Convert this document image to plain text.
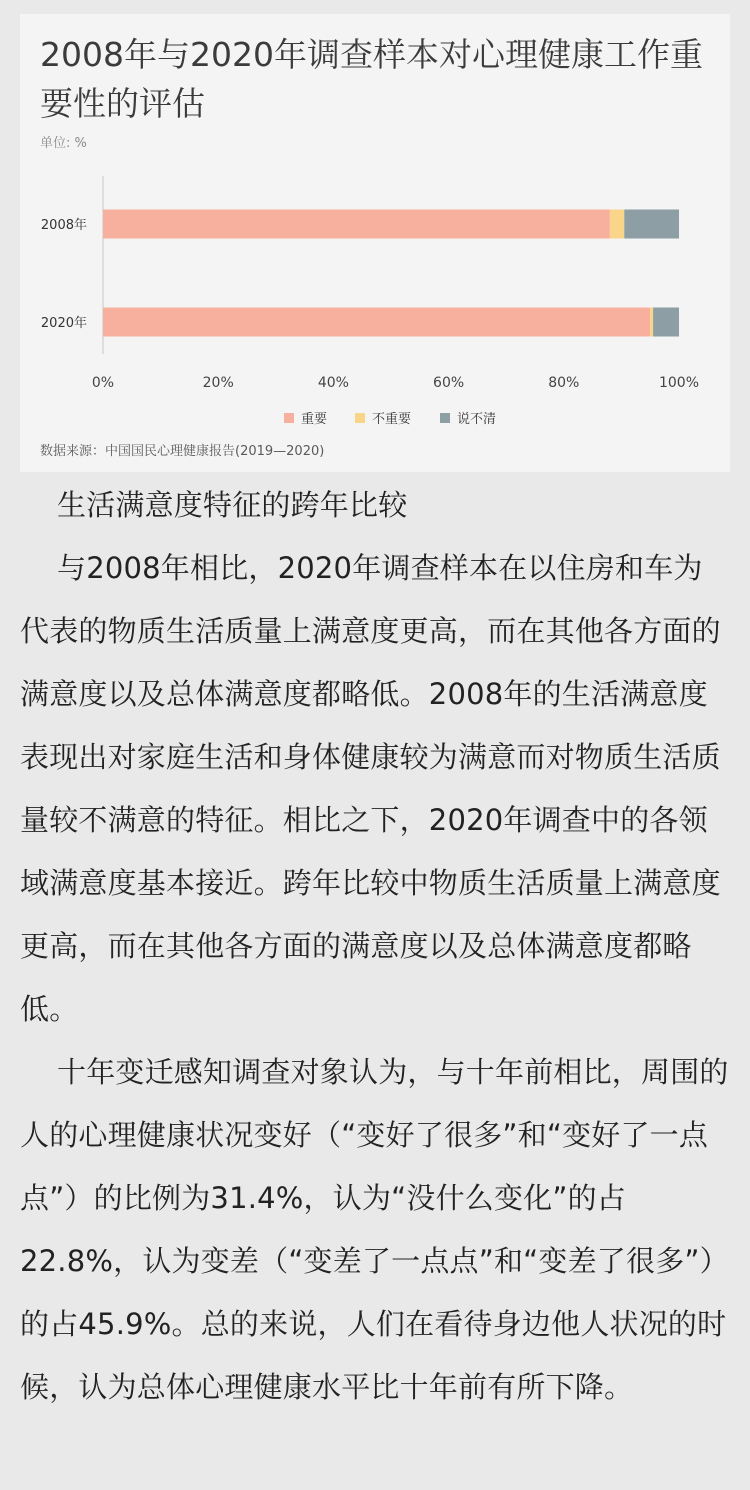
2008年与2020年调查样本对心理健康工作重要性的评估
单位: %
2008年
2020年
0%	20%	40%	60%	80%	100%
重要	不重要	说不清
数据来源：中国国民心理健康报告(2019—2020)

生活满意度特征的跨年比较

与2008年相比，2020年调查样本在以住房和车为代表的物质生活质量上满意度更高，而在其他各方面的满意度以及总体满意度都略低。2008年的生活满意度表现出对家庭生活和身体健康较为满意而对物质生活质量较不满意的特征。相比之下，2020年调查中的各领域满意度基本接近。跨年比较中物质生活质量上满意度更高，而在其他各方面的满意度以及总体满意度都略低。

十年变迁感知调查对象认为，与十年前相比，周围的人的心理健康状况变好（“变好了很多”和“变好了一点点”）的比例为31.4%，认为“没什么变化”的占22.8%，认为变差（“变差了一点点”和“变差了很多”）的占45.9%。总的来说，人们在看待身边他人状况的时候，认为总体心理健康水平比十年前有所下降。
